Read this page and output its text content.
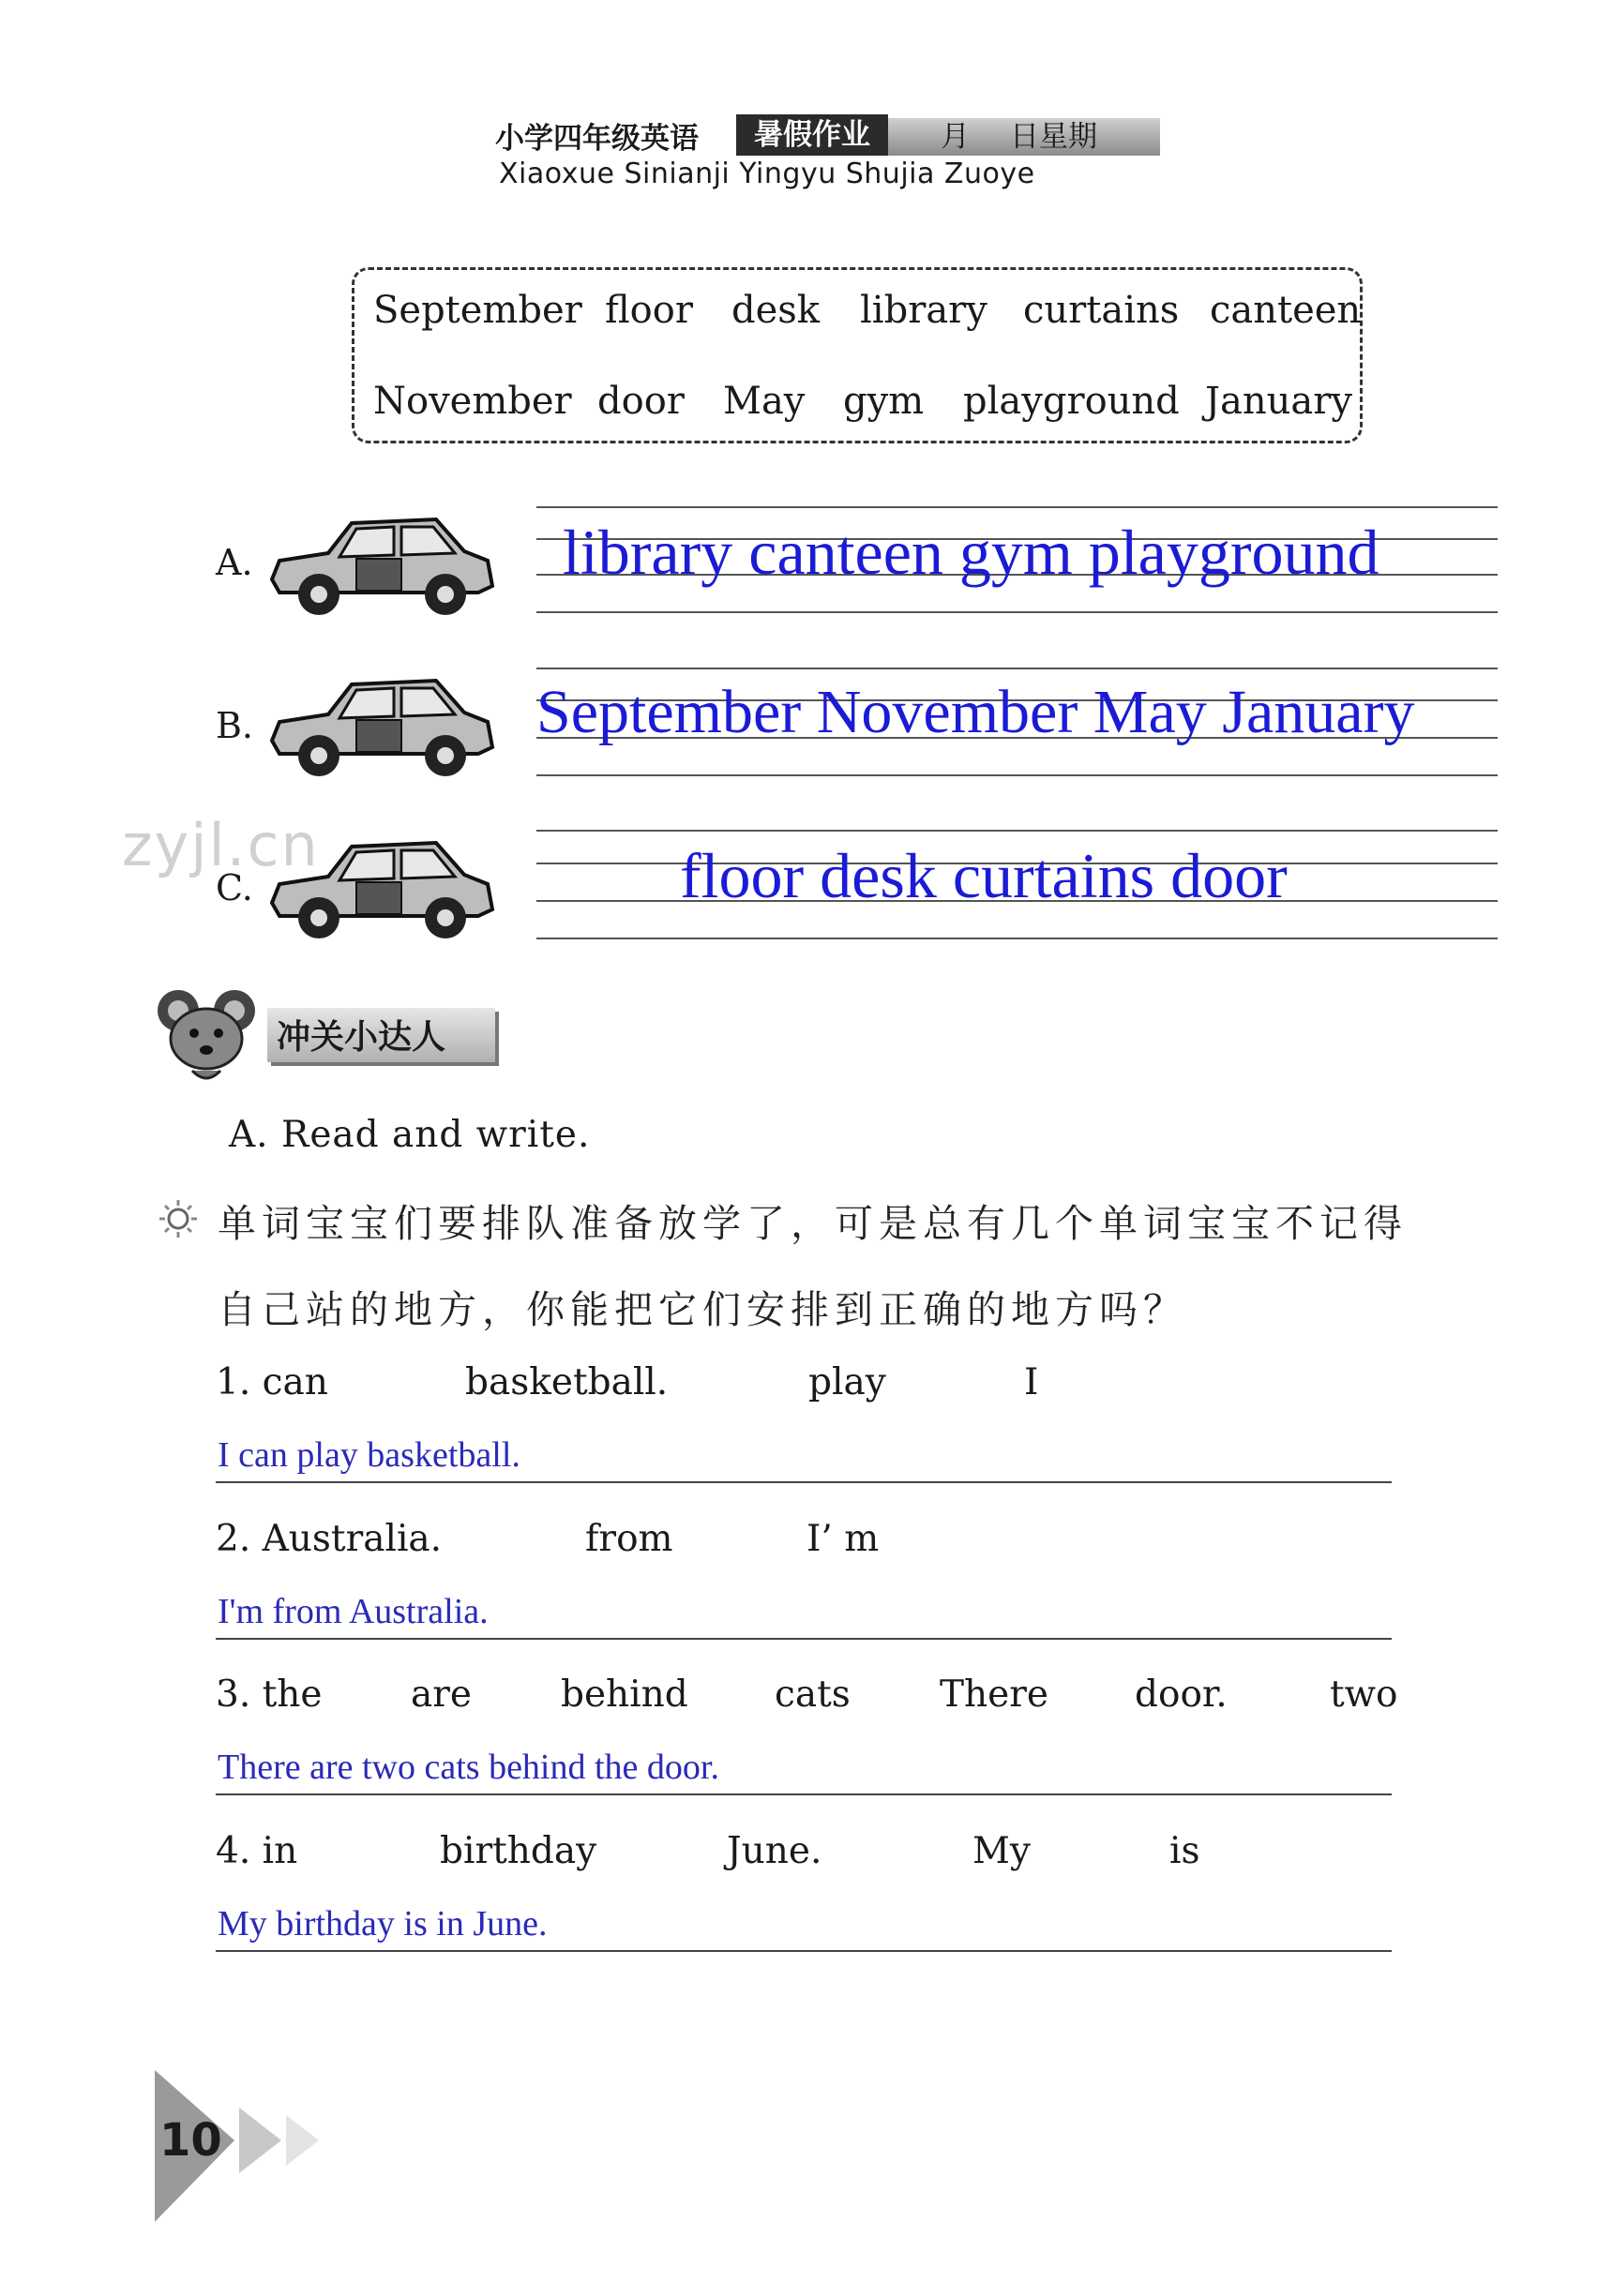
小学四年级英语	暑假作业	月 日星期
Xiaoxue Sinianji Yingyu Shujia Zuoye
September floor desk library curtains canteen
November door May gym playground January
zyjl.cn
A.	library canteen gym playground
B.	September November May January
C.	floor desk curtains door
冲关小达人
A. Read and write.
单词宝宝们要排队准备放学了，可是总有几个单词宝宝不记得
自己站的地方，你能把它们安排到正确的地方吗？
1. can	basketball.	play	I
I can play basketball.
2. Australia.	from	I’ m
I'm from Australia.
3. the are behind cats There door.	two
There are two cats behind the door.
4. in	birthday	June.	My	is
My birthday is in June.
10
